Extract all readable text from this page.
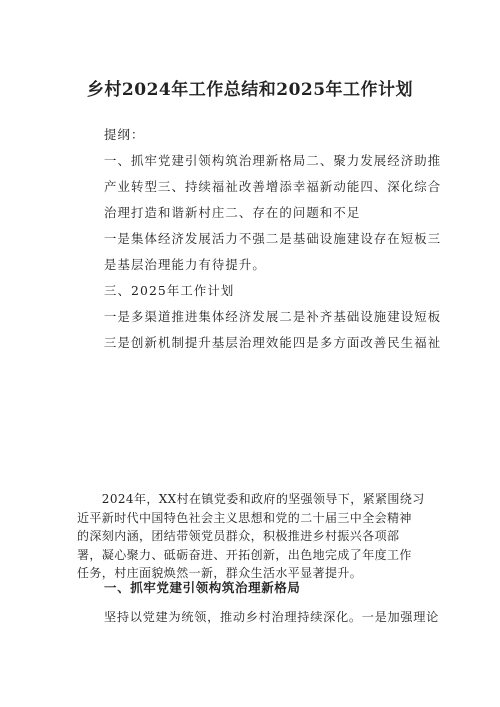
乡村2024年工作总结和2025年工作计划
提纲：
一、抓牢党建引领构筑治理新格局二、聚力发展经济助推
产业转型三、持续福祉改善增添幸福新动能四、深化综合
治理打造和谐新村庄二、存在的问题和不足
一是集体经济发展活力不强二是基础设施建设存在短板三
是基层治理能力有待提升。
三、2025年工作计划
一是多渠道推进集体经济发展二是补齐基础设施建设短板
三是创新机制提升基层治理效能四是多方面改善民生福祉
　　2024年，XX村在镇党委和政府的坚强领导下，紧紧围绕习
近平新时代中国特色社会主义思想和党的二十届三中全会精神
的深刻内涵，团结带领党员群众，积极推进乡村振兴各项部
署，凝心聚力、砥砺奋进、开拓创新，出色地完成了年度工作
任务，村庄面貌焕然一新，群众生活水平显著提升。
一、抓牢党建引领构筑治理新格局
坚持以党建为统领，推动乡村治理持续深化。一是加强理论
